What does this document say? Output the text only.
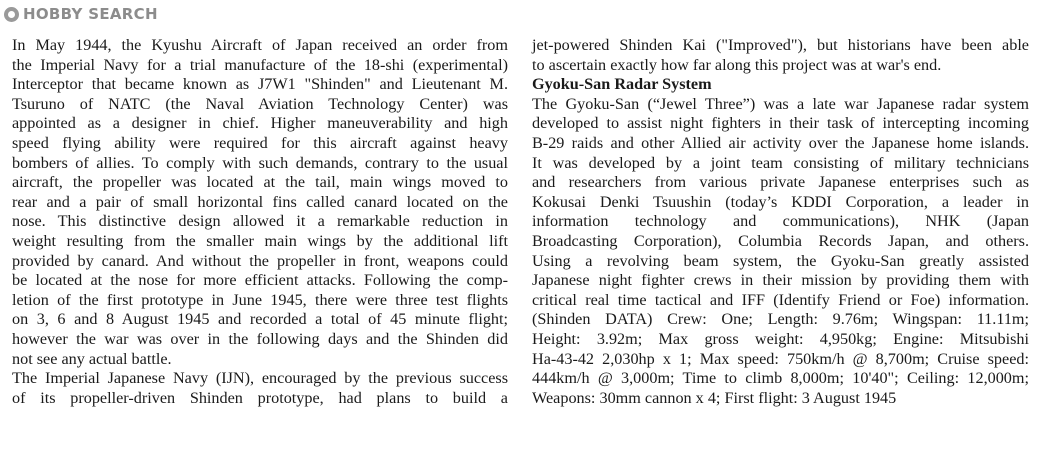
HOBBY SEARCH
In May 1944, the Kyushu Aircraft of Japan received an order from
the Imperial Navy for a trial manufacture of the 18-shi (experimental)
Interceptor that became known as J7W1 "Shinden" and Lieutenant M.
Tsuruno of NATC (the Naval Aviation Technology Center) was
appointed as a designer in chief. Higher maneuverability and high
speed flying ability were required for this aircraft against heavy
bombers of allies. To comply with such demands, contrary to the usual
aircraft, the propeller was located at the tail, main wings moved to
rear and a pair of small horizontal fins called canard located on the
nose. This distinctive design allowed it a remarkable reduction in
weight resulting from the smaller main wings by the additional lift
provided by canard. And without the propeller in front, weapons could
be located at the nose for more efficient attacks. Following the comp-
letion of the first prototype in June 1945, there were three test flights
on 3, 6 and 8 August 1945 and recorded a total of 45 minute flight;
however the war was over in the following days and the Shinden did
not see any actual battle.
The Imperial Japanese Navy (IJN), encouraged by the previous success
of its propeller-driven Shinden prototype, had plans to build a
jet-powered Shinden Kai ("Improved"), but historians have been able
to ascertain exactly how far along this project was at war's end.
Gyoku-San Radar System
The Gyoku-San (“Jewel Three”) was a late war Japanese radar system
developed to assist night fighters in their task of intercepting incoming
B-29 raids and other Allied air activity over the Japanese home islands.
It was developed by a joint team consisting of military technicians
and researchers from various private Japanese enterprises such as
Kokusai Denki Tsuushin (today’s KDDI Corporation, a leader in
information technology and communications), NHK (Japan
Broadcasting Corporation), Columbia Records Japan, and others.
Using a revolving beam system, the Gyoku-San greatly assisted
Japanese night fighter crews in their mission by providing them with
critical real time tactical and IFF (Identify Friend or Foe) information.
(Shinden DATA) Crew: One; Length: 9.76m; Wingspan: 11.11m;
Height: 3.92m; Max gross weight: 4,950kg; Engine: Mitsubishi
Ha-43-42 2,030hp x 1; Max speed: 750km/h @ 8,700m; Cruise speed:
444km/h @ 3,000m; Time to climb 8,000m; 10'40"; Ceiling: 12,000m;
Weapons: 30mm cannon x 4; First flight: 3 August 1945
